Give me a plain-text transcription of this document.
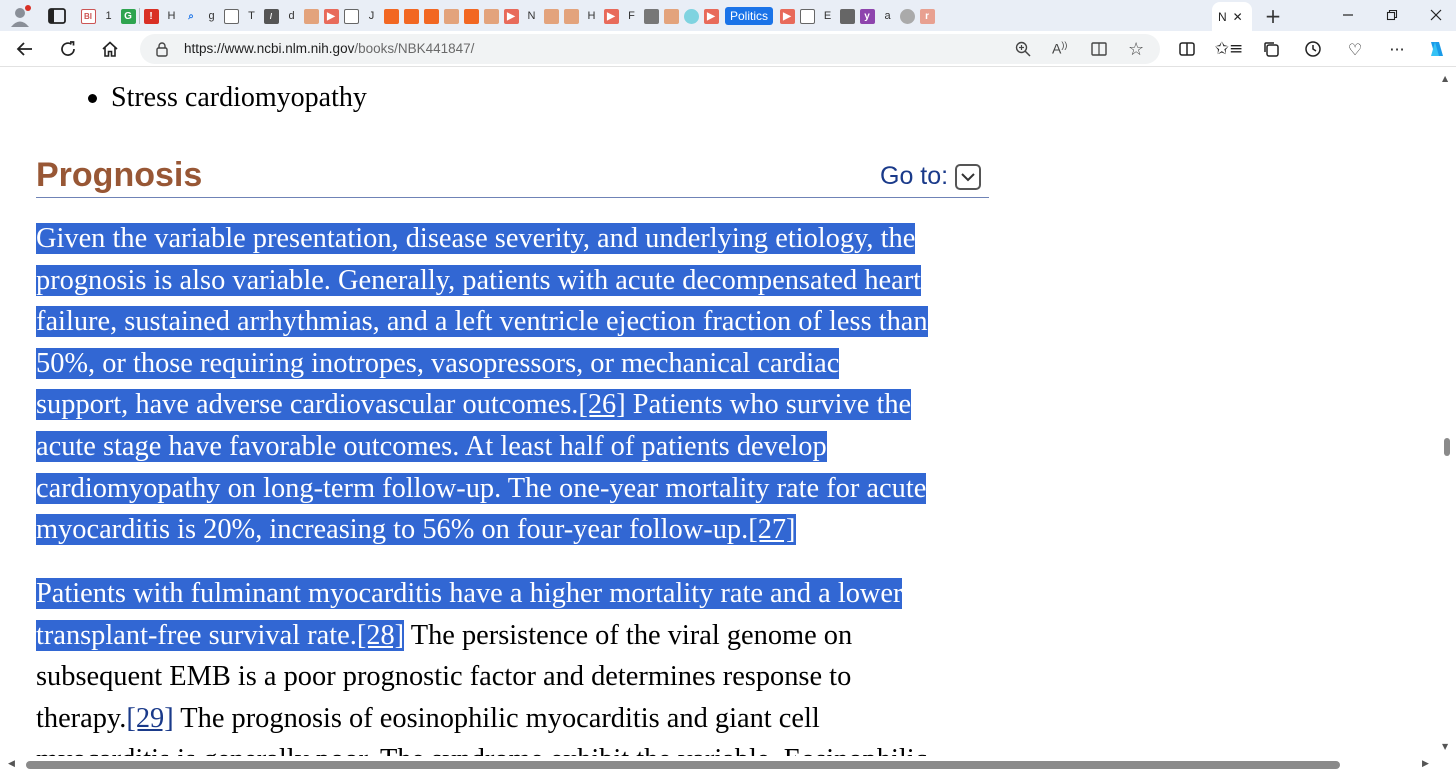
BI 1 G	!	H	⌕	g	T	/	d	▶	J	▶	N	H	▶	F	▶	Politics	▶	E	y	a	r	N ✕ +
https://www.ncbi.nlm.nih.gov/books/NBK441847/	A))	☆	✩≡	♡	···
Stress cardiomyopathy
Prognosis	Go to:
Given the variable presentation, disease severity, and underlying etiology, the
prognosis is also variable. Generally, patients with acute decompensated heart
failure, sustained arrhythmias, and a left ventricle ejection fraction of less than
50%, or those requiring inotropes, vasopressors, or mechanical cardiac
support, have adverse cardiovascular outcomes.[26] Patients who survive the
acute stage have favorable outcomes. At least half of patients develop
cardiomyopathy on long-term follow-up. The one-year mortality rate for acute
myocarditis is 20%, increasing to 56% on four-year follow-up.[27]
Patients with fulminant myocarditis have a higher mortality rate and a lower
transplant-free survival rate.[28] The persistence of the viral genome on
subsequent EMB is a poor prognostic factor and determines response to
therapy.[29] The prognosis of eosinophilic myocarditis and giant cell
▲
▼
◀	▶
